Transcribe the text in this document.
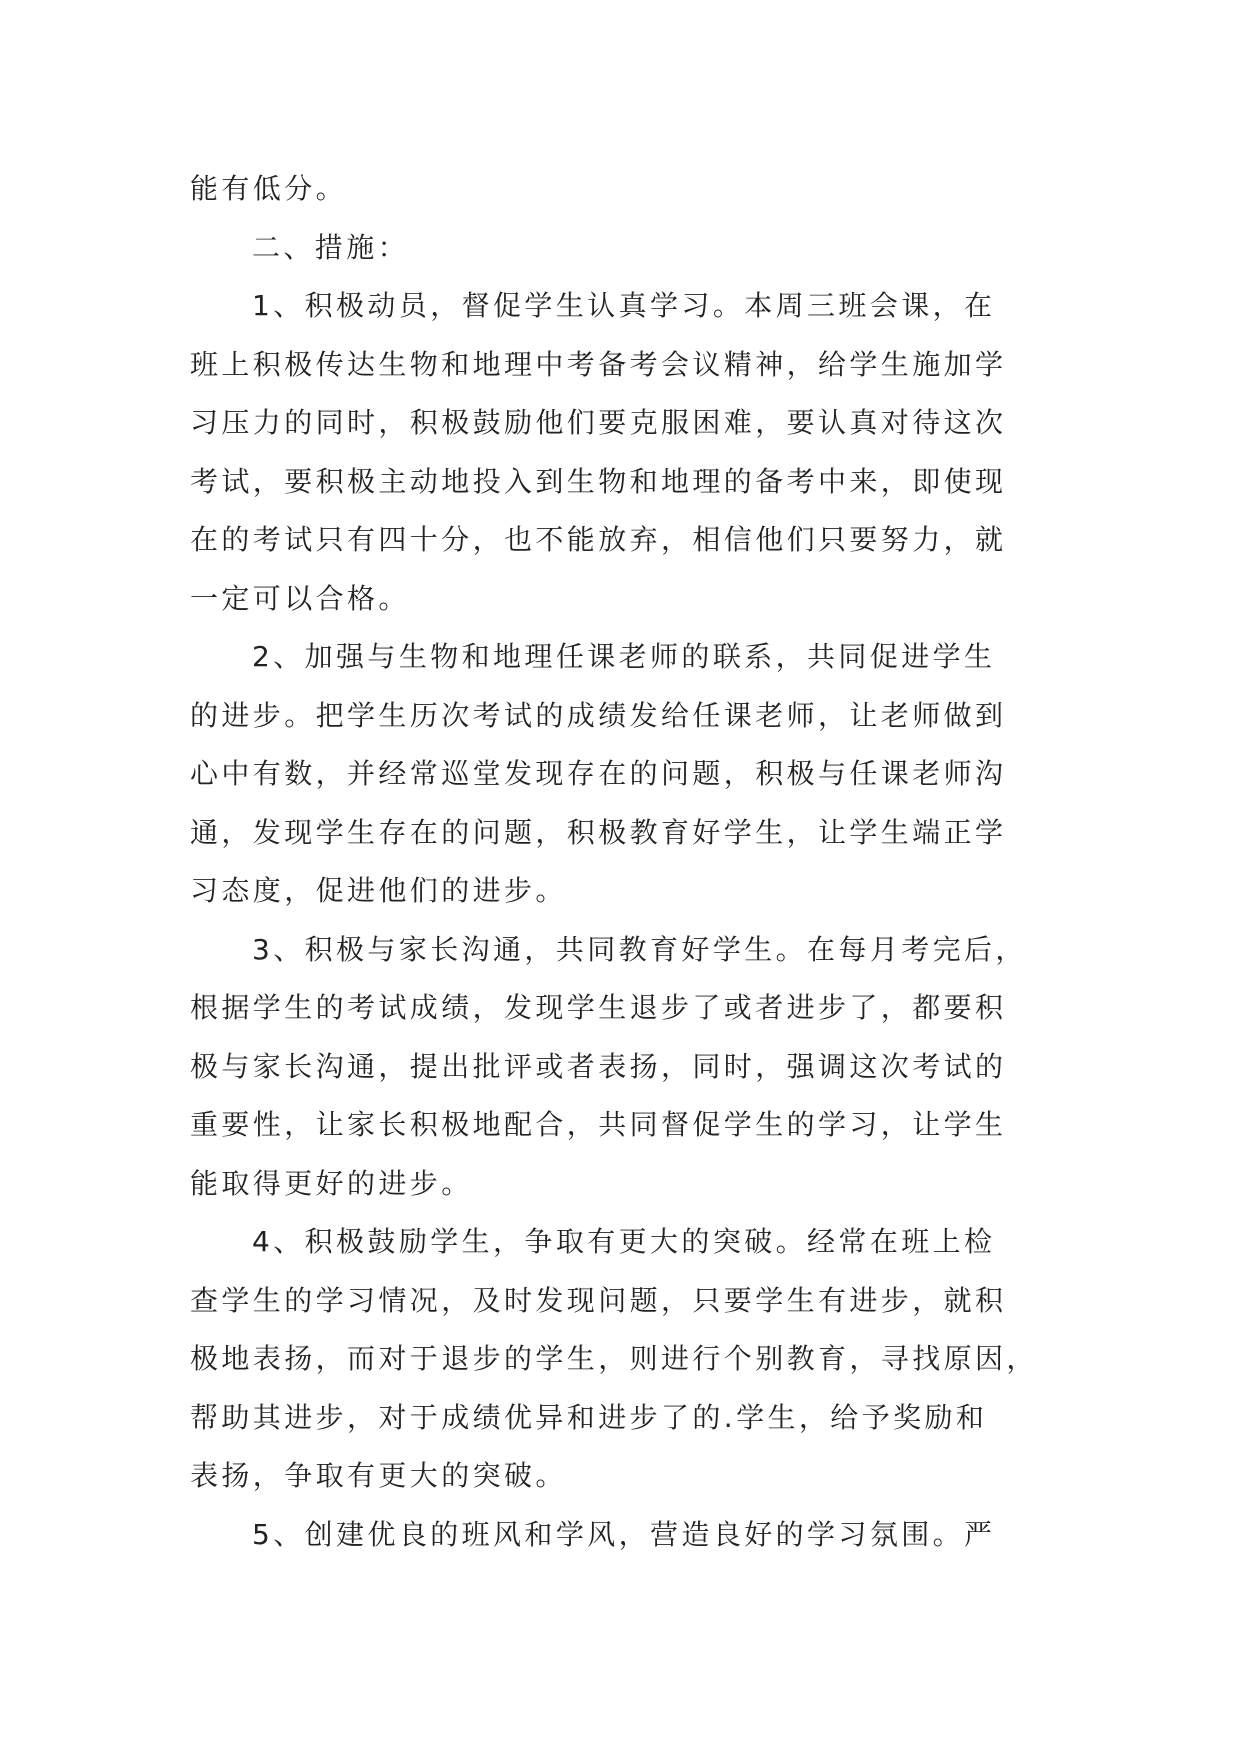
能有低分。
二、措施：
1、积极动员，督促学生认真学习。本周三班会课，在
班上积极传达生物和地理中考备考会议精神，给学生施加学
习压力的同时，积极鼓励他们要克服困难，要认真对待这次
考试，要积极主动地投入到生物和地理的备考中来，即使现
在的考试只有四十分，也不能放弃，相信他们只要努力，就
一定可以合格。
2、加强与生物和地理任课老师的联系，共同促进学生
的进步。把学生历次考试的成绩发给任课老师，让老师做到
心中有数，并经常巡堂发现存在的问题，积极与任课老师沟
通，发现学生存在的问题，积极教育好学生，让学生端正学
习态度，促进他们的进步。
3、积极与家长沟通，共同教育好学生。在每月考完后，
根据学生的考试成绩，发现学生退步了或者进步了，都要积
极与家长沟通，提出批评或者表扬，同时，强调这次考试的
重要性，让家长积极地配合，共同督促学生的学习，让学生
能取得更好的进步。
4、积极鼓励学生，争取有更大的突破。经常在班上检
查学生的学习情况，及时发现问题，只要学生有进步，就积
极地表扬，而对于退步的学生，则进行个别教育，寻找原因，
帮助其进步，对于成绩优异和进步了的.学生，给予奖励和
表扬，争取有更大的突破。
5、创建优良的班风和学风，营造良好的学习氛围。严
